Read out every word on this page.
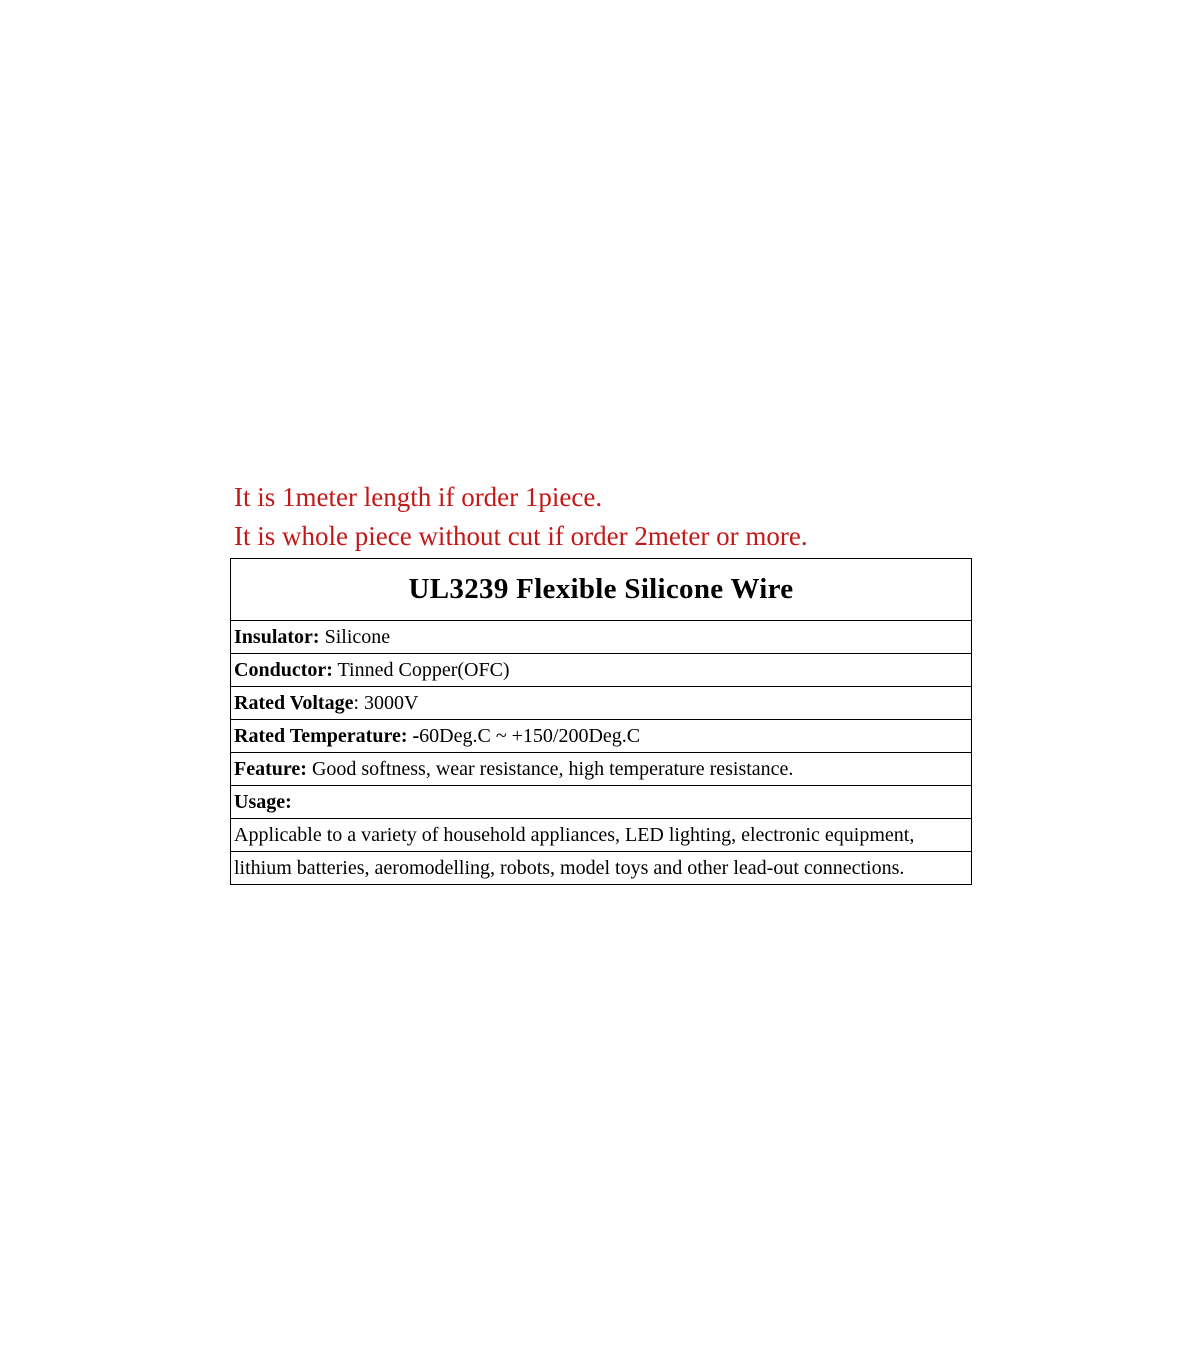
It is 1meter length if order 1piece.
It is whole piece without cut if order 2meter or more.
UL3239 Flexible Silicone Wire
Insulator: Silicone
Conductor: Tinned Copper(OFC)
Rated Voltage : 3000V
Rated Temperature: - 60Deg.C ~ +150/200Deg.C
Feature: Good softness, wear resistance, high temperature resistance.
Usage:
Applicable to a variety of household appliances, LED lighting, electronic equipment,
lithium batteries, aeromodelling, robots, model toys and other lead-out connections.
